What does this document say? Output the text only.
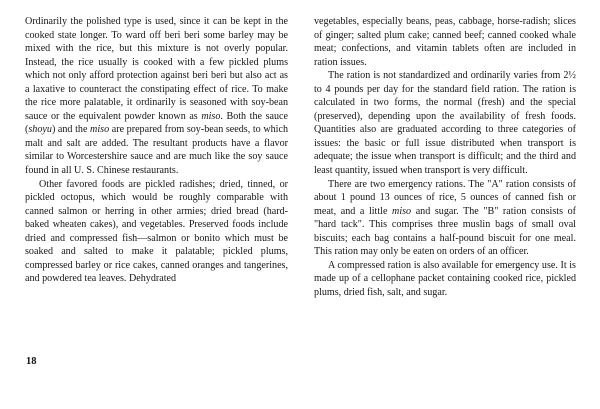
Ordinarily the polished type is used, since it can be kept in the cooked state longer. To ward off beri beri some barley may be mixed with the rice, but this mixture is not overly popular. Instead, the rice usually is cooked with a few pickled plums which not only afford protection against beri beri but also act as a laxative to counteract the constipating effect of rice. To make the rice more palatable, it ordinarily is seasoned with soy-bean sauce or the equivalent powder known as miso. Both the sauce (shoyu) and the miso are prepared from soy-bean seeds, to which malt and salt are added. The resultant products have a flavor similar to Worcestershire sauce and are much like the soy sauce found in all U. S. Chinese restaurants.

Other favored foods are pickled radishes; dried, tinned, or pickled octopus, which would be roughly comparable with canned salmon or herring in other armies; dried bread (hard-baked wheaten cakes), and vegetables. Preserved foods include dried and compressed fish—salmon or bonito which must be soaked and salted to make it palatable; pickled plums, compressed barley or rice cakes, canned oranges and tangerines, and powdered tea leaves. Dehydrated

vegetables, especially beans, peas, cabbage, horse-radish; slices of ginger; salted plum cake; canned beef; canned cooked whale meat; confections, and vitamin tablets often are included in ration issues.

The ration is not standardized and ordinarily varies from 2½ to 4 pounds per day for the standard field ration. The ration is calculated in two forms, the normal (fresh) and the special (preserved), depending upon the availability of fresh foods. Quantities also are graduated according to three categories of issues: the basic or full issue distributed when transport is adequate; the issue when transport is difficult; and the third and least quantity, issued when transport is very difficult.

There are two emergency rations. The "A" ration consists of about 1 pound 13 ounces of rice, 5 ounces of canned fish or meat, and a little miso and sugar. The "B" ration consists of "hard tack". This comprises three muslin bags of small oval biscuits; each bag contains a half-pound biscuit for one meal. This ration may only be eaten on orders of an officer.

A compressed ration is also available for emergency use. It is made up of a cellophane packet containing cooked rice, pickled plums, dried fish, salt, and sugar.

18
